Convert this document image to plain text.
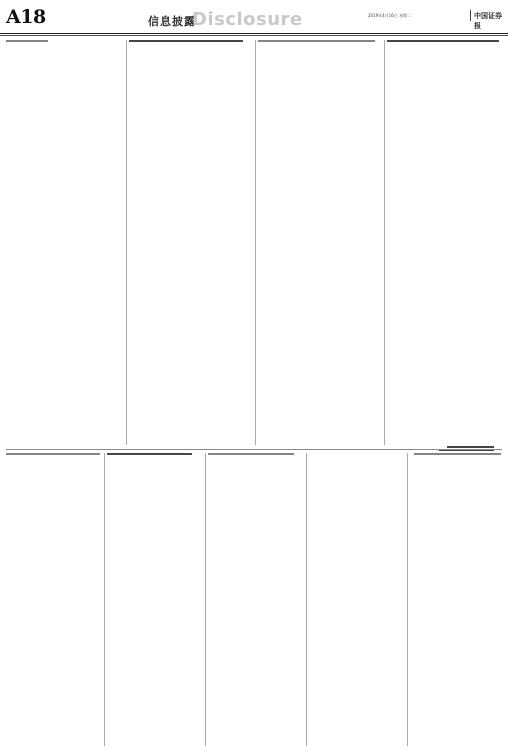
A18	信息披露
Disclosure	2019年4月16日 星期二	中国证券报
